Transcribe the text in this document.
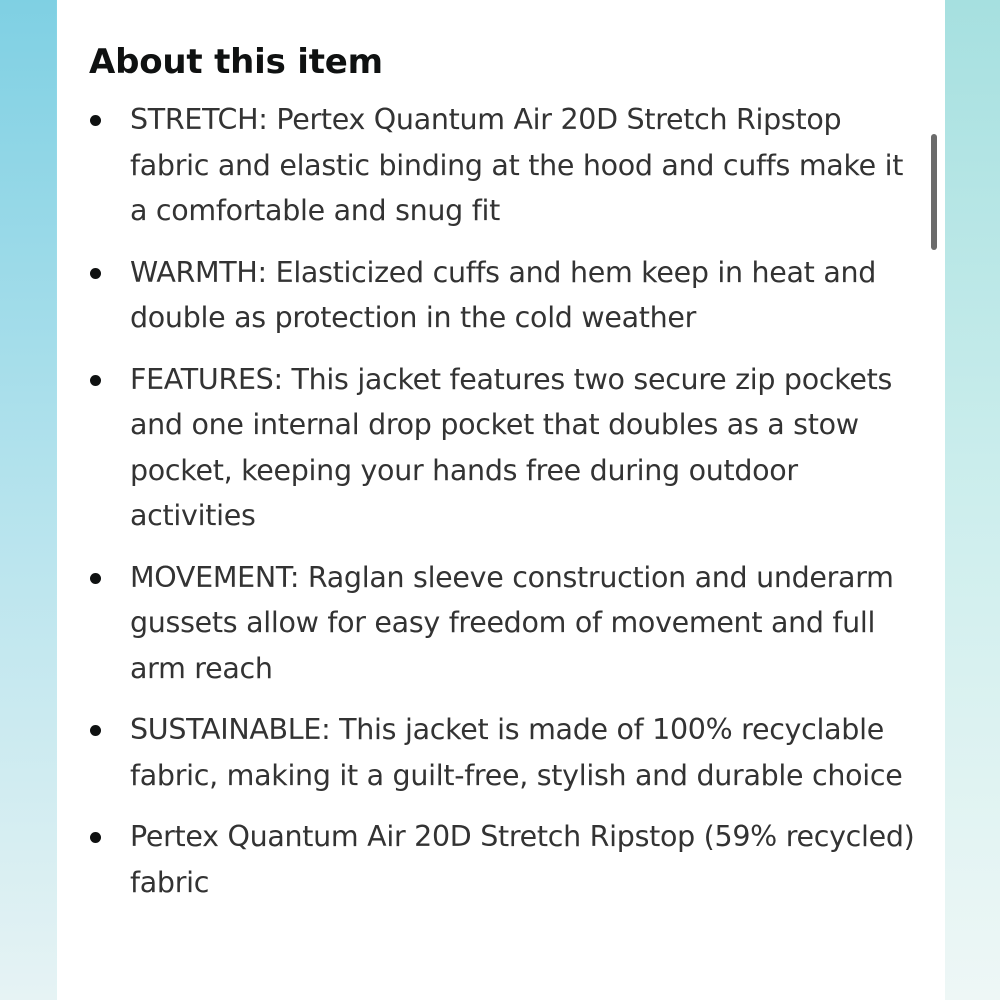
About this item
STRETCH: Pertex Quantum Air 20D Stretch Ripstop fabric and elastic binding at the hood and cuffs make it a comfortable and snug fit
WARMTH: Elasticized cuffs and hem keep in heat and double as protection in the cold weather
FEATURES: This jacket features two secure zip pockets and one internal drop pocket that doubles as a stow pocket, keeping your hands free during outdoor activities
MOVEMENT: Raglan sleeve construction and underarm gussets allow for easy freedom of movement and full arm reach
SUSTAINABLE: This jacket is made of 100% recyclable fabric, making it a guilt-free, stylish and durable choice
Pertex Quantum Air 20D Stretch Ripstop (59% recycled) fabric
